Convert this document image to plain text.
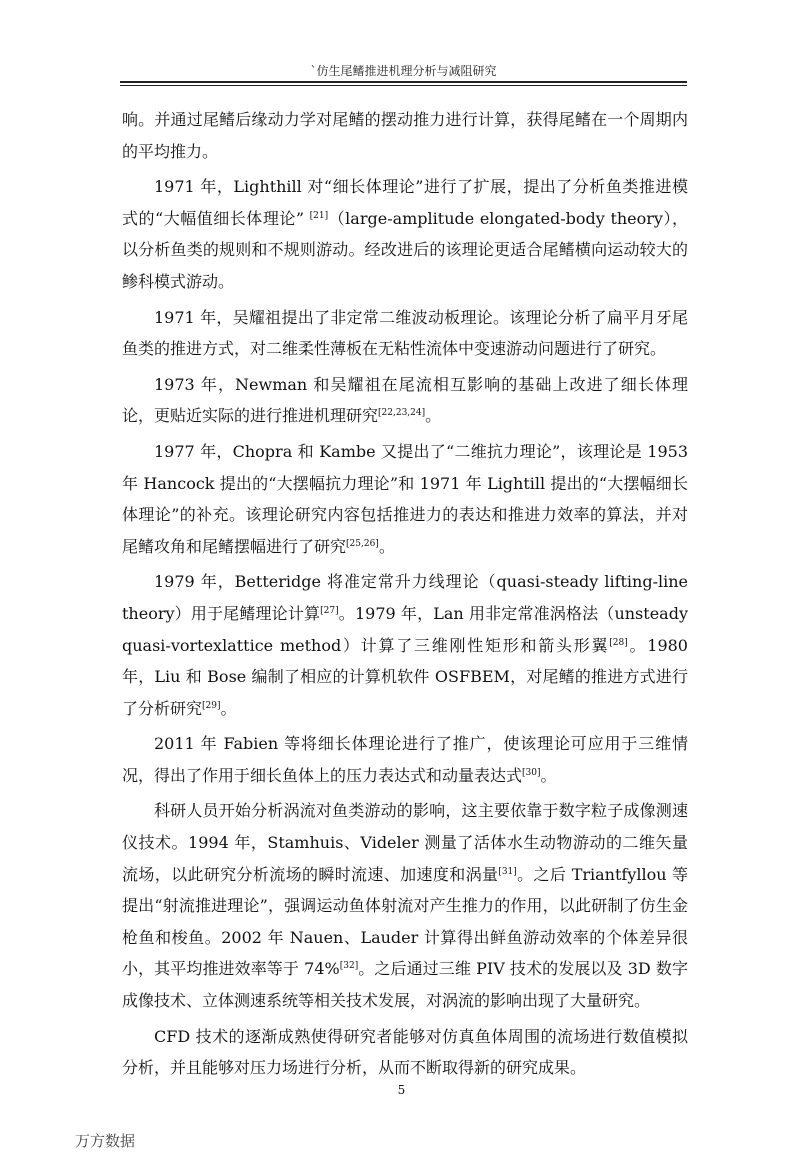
`仿生尾鳍推进机理分析与减阻研究

响。并通过尾鳍后缘动力学对尾鳍的摆动推力进行计算，获得尾鳍在一个周期内的平均推力。

1971 年，Lighthill 对“细长体理论”进行了扩展，提出了分析鱼类推进模式的“大幅值细长体理论” [21]（large-amplitude elongated-body theory），以分析鱼类的规则和不规则游动。经改进后的该理论更适合尾鳍横向运动较大的鲹科模式游动。

1971 年，吴耀祖提出了非定常二维波动板理论。该理论分析了扁平月牙尾鱼类的推进方式，对二维柔性薄板在无粘性流体中变速游动问题进行了研究。

1973 年，Newman 和吴耀祖在尾流相互影响的基础上改进了细长体理论，更贴近实际的进行推进机理研究[22,23,24]。

1977 年，Chopra 和 Kambe 又提出了“二维抗力理论”，该理论是 1953 年 Hancock 提出的“大摆幅抗力理论”和 1971 年 Lightill 提出的“大摆幅细长体理论”的补充。该理论研究内容包括推进力的表达和推进力效率的算法，并对尾鳍攻角和尾鳍摆幅进行了研究[25,26]。

1979 年，Betteridge 将准定常升力线理论（quasi-steady lifting-line theory）用于尾鳍理论计算[27]。1979 年，Lan 用非定常准涡格法（unsteady quasi-vortexlattice method）计算了三维刚性矩形和箭头形翼[28]。1980 年，Liu 和 Bose 编制了相应的计算机软件 OSFBEM，对尾鳍的推进方式进行了分析研究[29]。

2011 年 Fabien 等将细长体理论进行了推广，使该理论可应用于三维情况，得出了作用于细长鱼体上的压力表达式和动量表达式[30]。

科研人员开始分析涡流对鱼类游动的影响，这主要依靠于数字粒子成像测速仪技术。1994 年，Stamhuis、Videler 测量了活体水生动物游动的二维矢量流场，以此研究分析流场的瞬时流速、加速度和涡量[31]。之后 Triantfyllou 等提出“射流推进理论”，强调运动鱼体射流对产生推力的作用，以此研制了仿生金枪鱼和梭鱼。2002 年 Nauen、Lauder 计算得出鲜鱼游动效率的个体差异很小，其平均推进效率等于 74%[32]。之后通过三维 PIV 技术的发展以及 3D 数字成像技术、立体测速系统等相关技术发展，对涡流的影响出现了大量研究。

CFD 技术的逐渐成熟使得研究者能够对仿真鱼体周围的流场进行数值模拟分析，并且能够对压力场进行分析，从而不断取得新的研究成果。

5
万方数据
